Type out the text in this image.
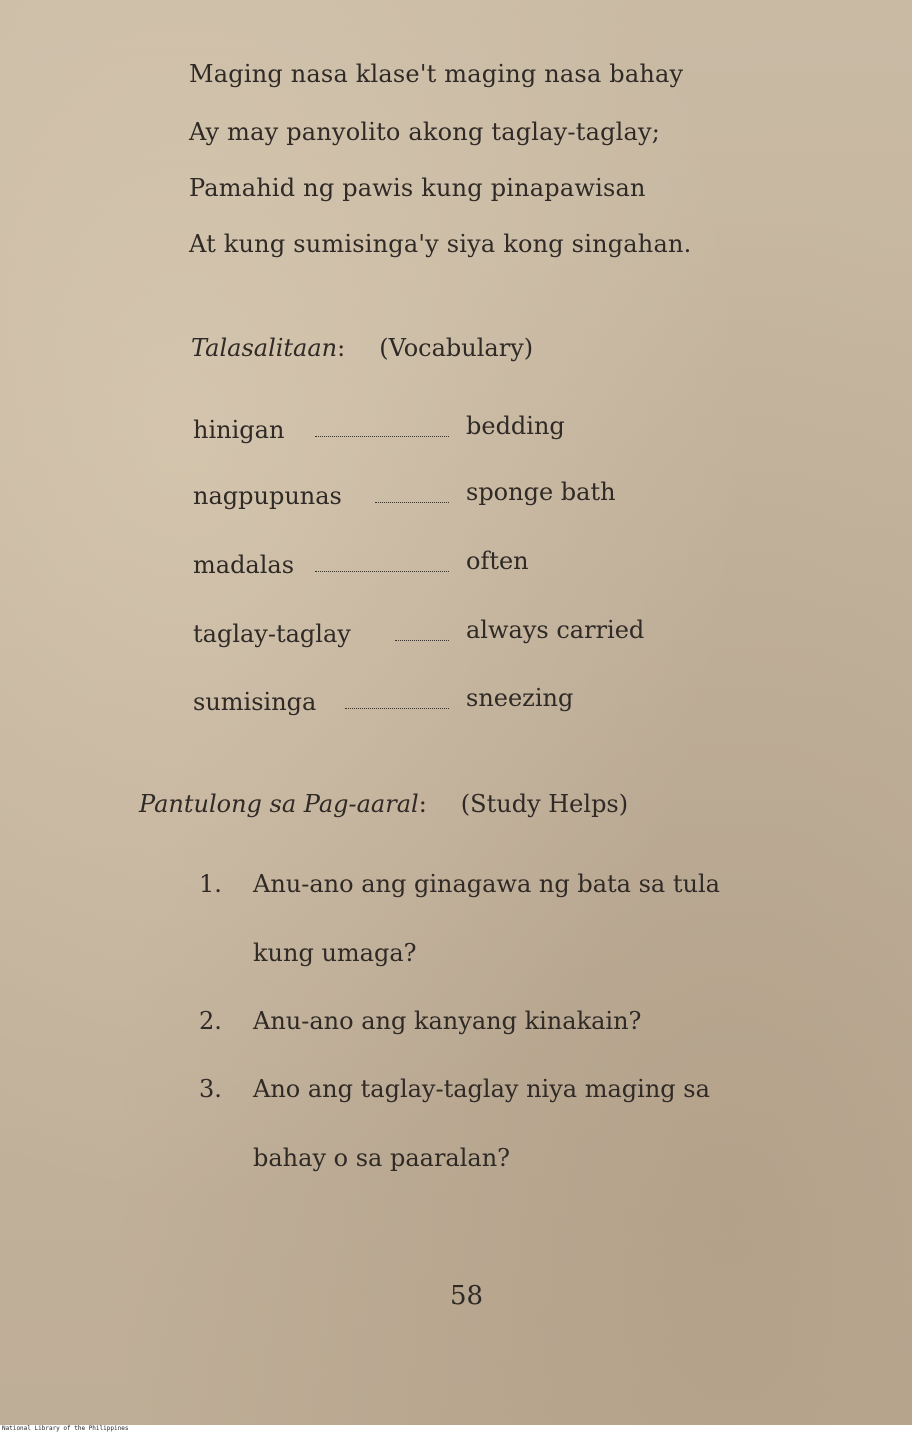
Maging nasa klase't maging nasa bahay
Ay may panyolito akong taglay-taglay;
Pamahid ng pawis kung pinapawisan
At kung sumisinga'y siya kong singahan.
Talasalitaan: (Vocabulary)
hinigan	bedding
nagpupunas	sponge bath
madalas	often
taglay-taglay	always carried
sumisinga	sneezing
Pantulong sa Pag-aaral: (Study Helps)
1. Anu-ano ang ginagawa ng bata sa tula
kung umaga?
2. Anu-ano ang kanyang kinakain?
3. Ano ang taglay-taglay niya maging sa
bahay o sa paaralan?
58
National Library of the Philippines
